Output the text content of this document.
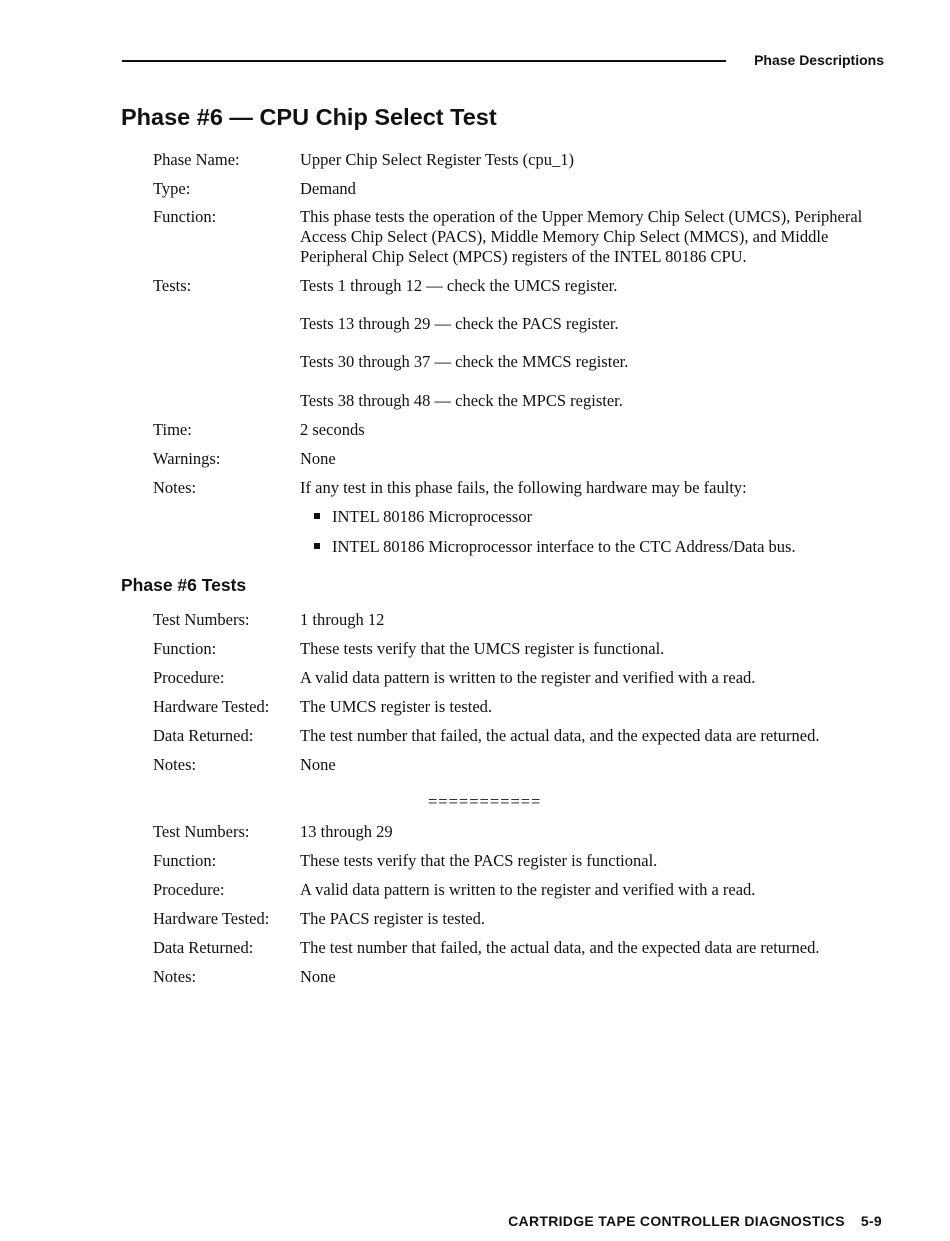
Phase Descriptions
Phase #6 — CPU Chip Select Test
Phase #6 Tests
===========
CARTRIDGE TAPE CONTROLLER DIAGNOSTICS 5-9
Phase Name:	Upper Chip Select Register Tests (cpu_1)
Type:	Demand
Function:	This phase tests the operation of the Upper Memory Chip Select (UMCS), Peripheral Access Chip Select (PACS), Middle Memory Chip Select (MMCS), and Middle Peripheral Chip Select (MPCS) registers of the INTEL 80186 CPU.
Tests:	Tests 1 through 12 — check the UMCS register.
Tests 13 through 29 — check the PACS register.
Tests 30 through 37 — check the MMCS register.
Tests 38 through 48 — check the MPCS register.
Time:	2 seconds
Warnings:	None
Notes:	If any test in this phase fails, the following hardware may be faulty:
INTEL 80186 Microprocessor
INTEL 80186 Microprocessor interface to the CTC Address/Data bus.
Test Numbers:	1 through 12
Function:	These tests verify that the UMCS register is functional.
Procedure:	A valid data pattern is written to the register and verified with a read.
Hardware Tested: The UMCS register is tested.
Data Returned:	The test number that failed, the actual data, and the expected data are returned.
Notes:	None
Test Numbers:	13 through 29
Function:	These tests verify that the PACS register is functional.
Procedure:	A valid data pattern is written to the register and verified with a read.
Hardware Tested: The PACS register is tested.
Data Returned:	The test number that failed, the actual data, and the expected data are returned.
Notes:	None
